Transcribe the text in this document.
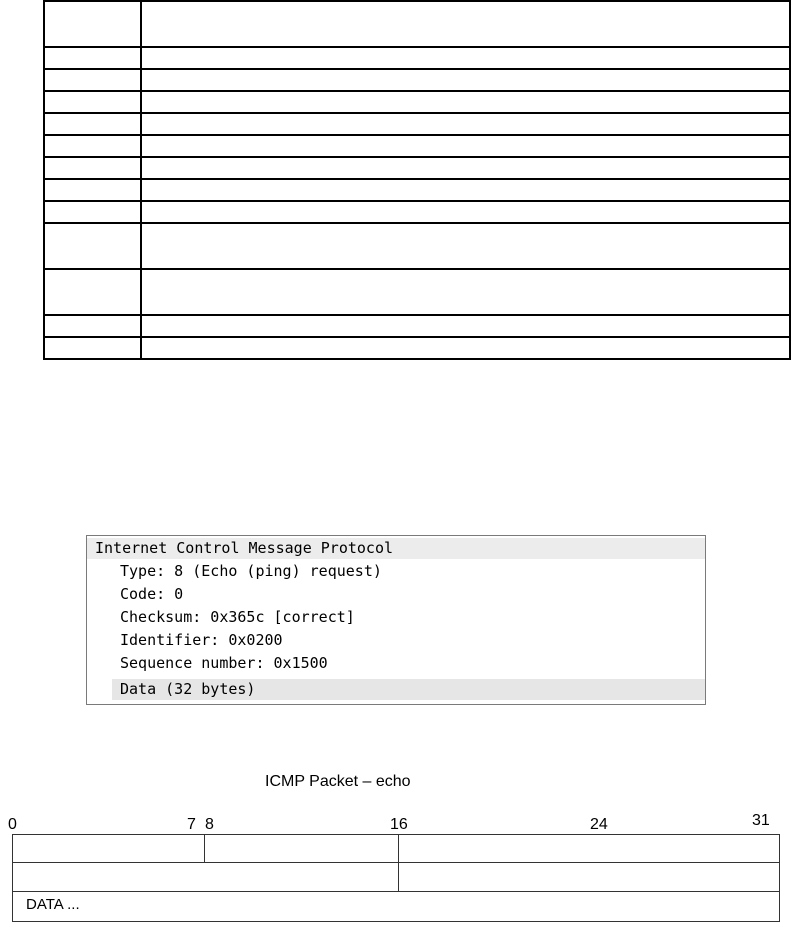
Internet Control Message Protocol
Type: 8 (Echo (ping) request)
Code: 0
Checksum: 0x365c [correct]
Identifier: 0x0200
Sequence number: 0x1500
Data (32 bytes)
ICMP Packet – echo
0	7 8	16	24	31
DATA ...
